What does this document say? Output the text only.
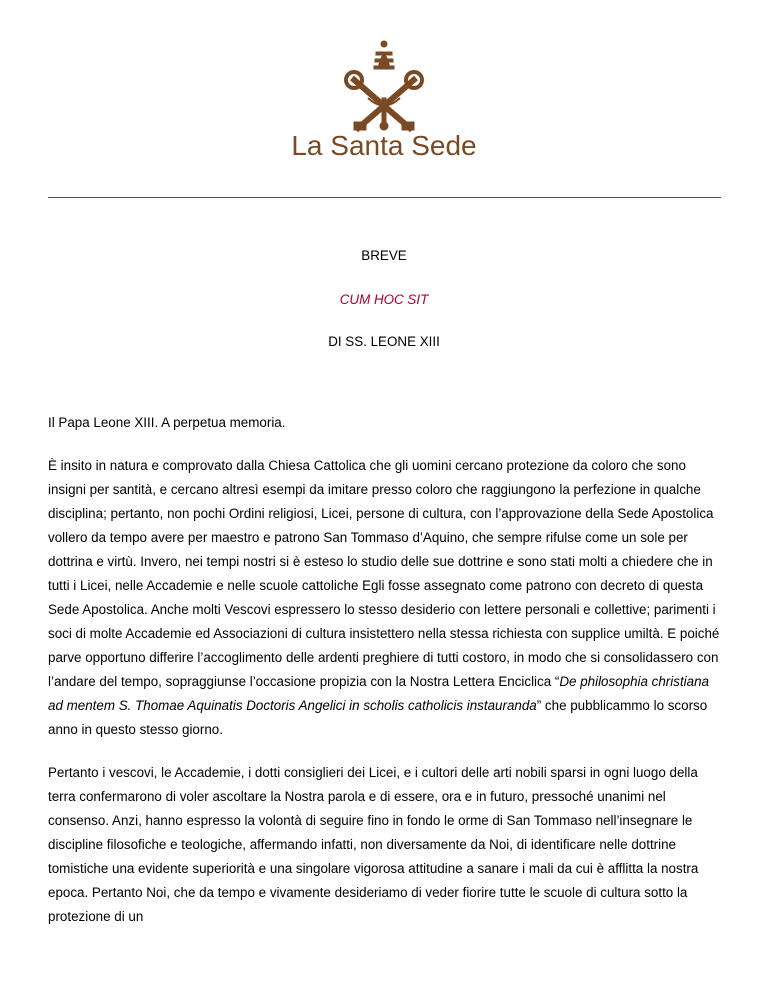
La Santa Sede

BREVE

CUM HOC SIT

DI SS. LEONE XIII

Il Papa Leone XIII. A perpetua memoria.

È insito in natura e comprovato dalla Chiesa Cattolica che gli uomini cercano protezione da coloro che sono insigni per santità, e cercano altresì esempi da imitare presso coloro che raggiungono la perfezione in qualche disciplina; pertanto, non pochi Ordini religiosi, Licei, persone di cultura, con l’approvazione della Sede Apostolica vollero da tempo avere per maestro e patrono San Tommaso d’Aquino, che sempre rifulse come un sole per dottrina e virtù. Invero, nei tempi nostri si è esteso lo studio delle sue dottrine e sono stati molti a chiedere che in tutti i Licei, nelle Accademie e nelle scuole cattoliche Egli fosse assegnato come patrono con decreto di questa Sede Apostolica. Anche molti Vescovi espressero lo stesso desiderio con lettere personali e collettive; parimenti i soci di molte Accademie ed Associazioni di cultura insistettero nella stessa richiesta con supplice umiltà. E poiché parve opportuno differire l’accoglimento delle ardenti preghiere di tutti costoro, in modo che si consolidassero con l’andare del tempo, sopraggiunse l’occasione propizia con la Nostra Lettera Enciclica “De philosophia christiana ad mentem S. Thomae Aquinatis Doctoris Angelici in scholis catholicis instauranda” che pubblicammo lo scorso anno in questo stesso giorno.

Pertanto i vescovi, le Accademie, i dotti consiglieri dei Licei, e i cultori delle arti nobili sparsi in ogni luogo della terra confermarono di voler ascoltare la Nostra parola e di essere, ora e in futuro, pressoché unanimi nel consenso. Anzi, hanno espresso la volontà di seguire fino in fondo le orme di San Tommaso nell’insegnare le discipline filosofiche e teologiche, affermando infatti, non diversamente da Noi, di identificare nelle dottrine tomistiche una evidente superiorità e una singolare vigorosa attitudine a sanare i mali da cui è afflitta la nostra epoca. Pertanto Noi, che da tempo e vivamente desideriamo di veder fiorire tutte le scuole di cultura sotto la protezione di un
